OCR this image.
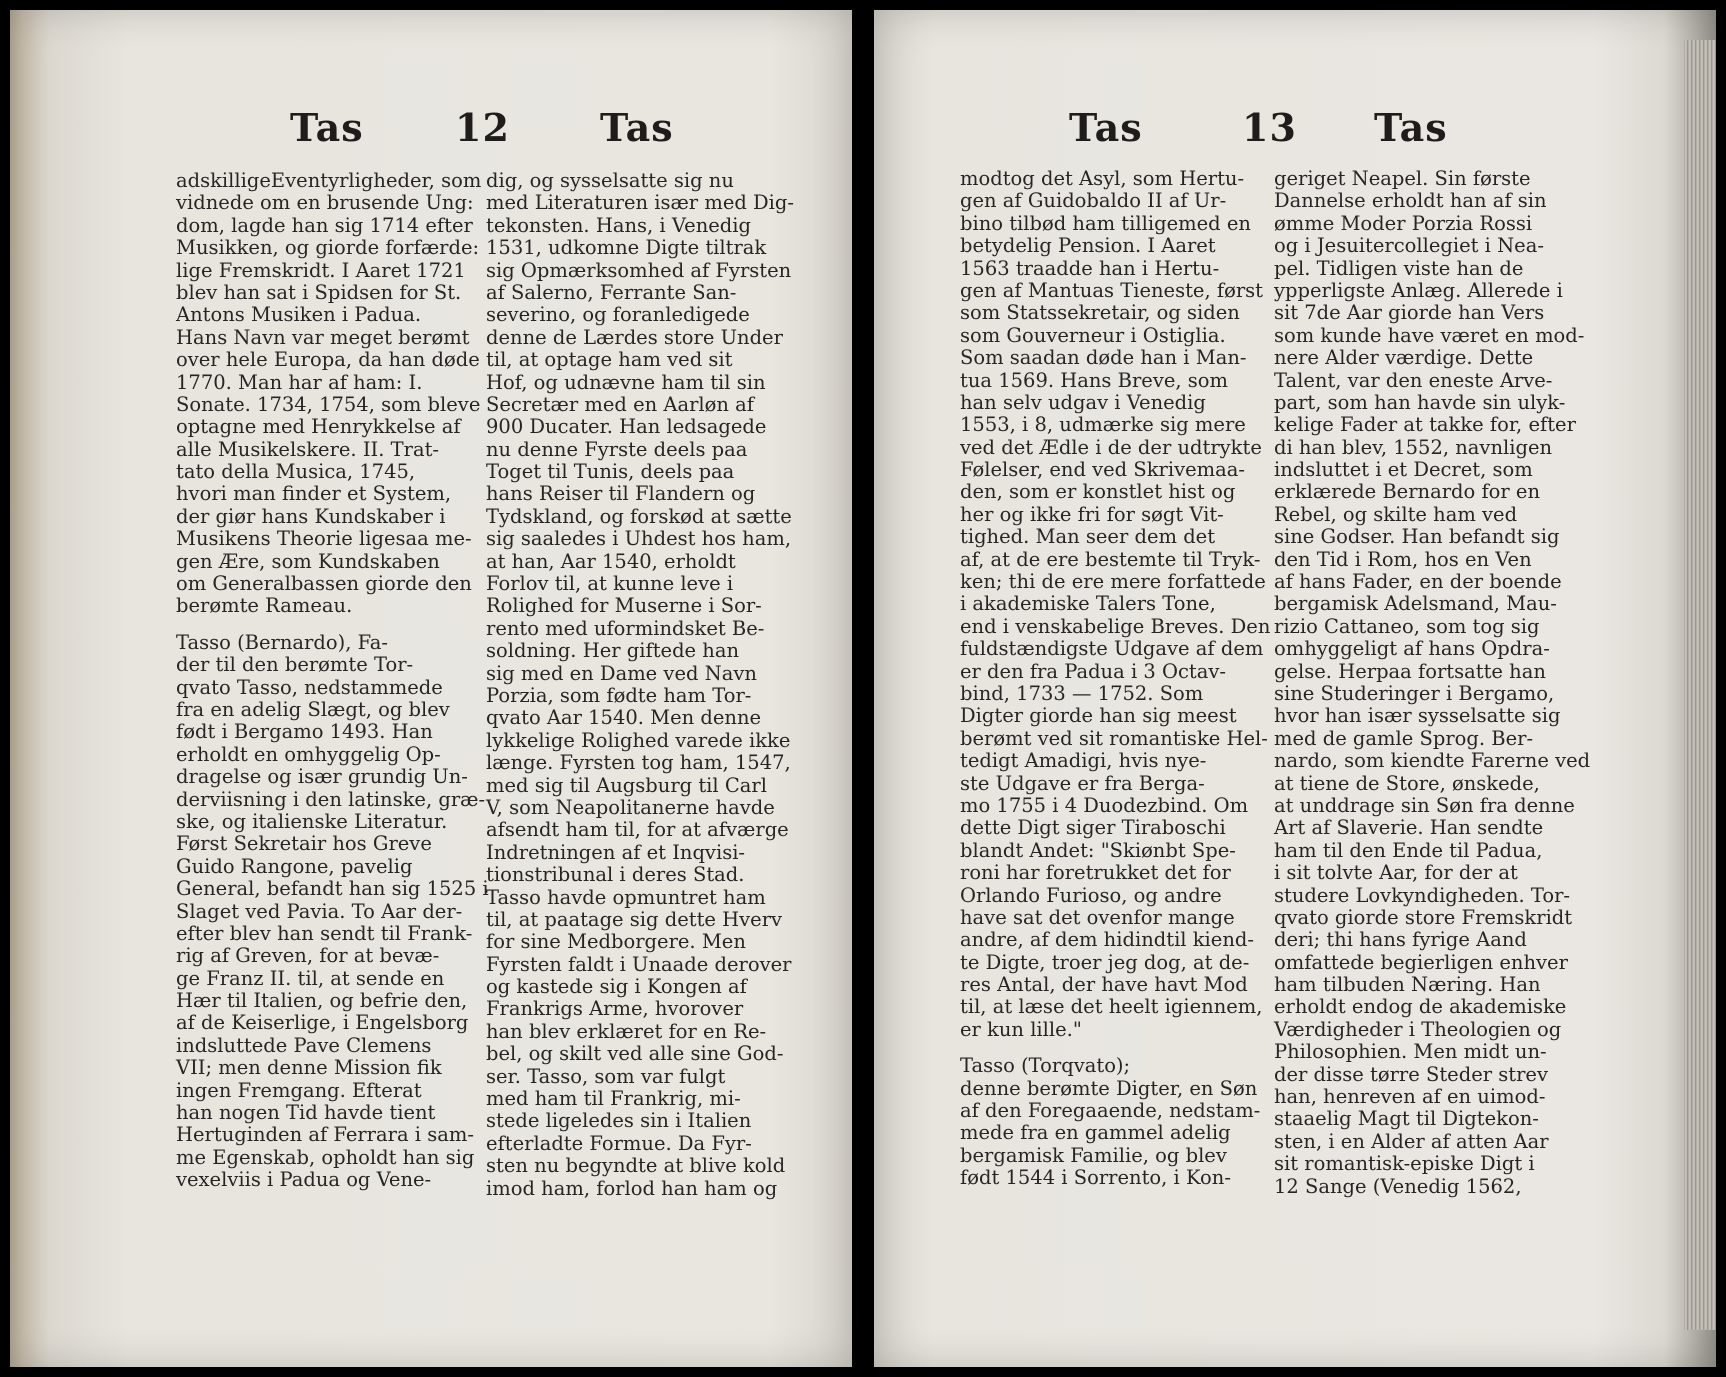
Tas 12 Tas
adskilligeEventyrligheder, som
vidnede om en brusende Ung:
dom, lagde han sig 1714 efter
Musikken, og giorde forfærde:
lige Fremskridt. I Aaret 1721
blev han sat i Spidsen for St.
Antons Musiken i Padua.
Hans Navn var meget berømt
over hele Europa, da han døde
1770. Man har af ham: I.
Sonate. 1734, 1754, som bleve
optagne med Henrykkelse af
alle Musikelskere. II. Trat-
tato della Musica, 1745,
hvori man finder et System,
der giør hans Kundskaber i
Musikens Theorie ligesaa me-
gen Ære, som Kundskaben
om Generalbassen giorde den
berømte Rameau.
Tasso (Bernardo), Fa-
der til den berømte Tor-
qvato Tasso, nedstammede
fra en adelig Slægt, og blev
født i Bergamo 1493. Han
erholdt en omhyggelig Op-
dragelse og især grundig Un-
derviisning i den latinske, græ-
ske, og italienske Literatur.
Først Sekretair hos Greve
Guido Rangone, pavelig
General, befandt han sig 1525 i
Slaget ved Pavia. To Aar der-
efter blev han sendt til Frank-
rig af Greven, for at bevæ-
ge Franz II. til, at sende en
Hær til Italien, og befrie den,
af de Keiserlige, i Engelsborg
indsluttede Pave Clemens
VII; men denne Mission fik
ingen Fremgang. Efterat
han nogen Tid havde tient
Hertuginden af Ferrara i sam-
me Egenskab, opholdt han sig
vexelviis i Padua og Vene-
dig, og sysselsatte sig nu
med Literaturen især med Dig-
tekonsten. Hans, i Venedig
1531, udkomne Digte tiltrak
sig Opmærksomhed af Fyrsten
af Salerno, Ferrante San-
severino, og foranledigede
denne de Lærdes store Under
til, at optage ham ved sit
Hof, og udnævne ham til sin
Secretær med en Aarløn af
900 Ducater. Han ledsagede
nu denne Fyrste deels paa
Toget til Tunis, deels paa
hans Reiser til Flandern og
Tydskland, og forskød at sætte
sig saaledes i Uhdest hos ham,
at han, Aar 1540, erholdt
Forlov til, at kunne leve i
Rolighed for Muserne i Sor-
rento med uformindsket Be-
soldning. Her giftede han
sig med en Dame ved Navn
Porzia, som fødte ham Tor-
qvato Aar 1540. Men denne
lykkelige Rolighed varede ikke
længe. Fyrsten tog ham, 1547,
med sig til Augsburg til Carl
V, som Neapolitanerne havde
afsendt ham til, for at afværge
Indretningen af et Inqvisi-
tionstribunal i deres Stad.
Tasso havde opmuntret ham
til, at paatage sig dette Hverv
for sine Medborgere. Men
Fyrsten faldt i Unaade derover
og kastede sig i Kongen af
Frankrigs Arme, hvorover
han blev erklæret for en Re-
bel, og skilt ved alle sine God-
ser. Tasso, som var fulgt
med ham til Frankrig, mi-
stede ligeledes sin i Italien
efterladte Formue. Da Fyr-
sten nu begyndte at blive kold
imod ham, forlod han ham og
Tas	13 Tas
modtog det Asyl, som Hertu-
gen af Guidobaldo II af Ur-
bino tilbød ham tilligemed en
betydelig Pension. I Aaret
1563 traadde han i Hertu-
gen af Mantuas Tieneste, først
som Statssekretair, og siden
som Gouverneur i Ostiglia.
Som saadan døde han i Man-
tua 1569. Hans Breve, som
han selv udgav i Venedig
1553, i 8, udmærke sig mere
ved det Ædle i de der udtrykte
Følelser, end ved Skrivemaa-
den, som er konstlet hist og
her og ikke fri for søgt Vit-
tighed. Man seer dem det
af, at de ere bestemte til Tryk-
ken; thi de ere mere forfattede
i akademiske Talers Tone,
end i venskabelige Breves. Den
fuldstændigste Udgave af dem
er den fra Padua i 3 Octav-
bind, 1733 — 1752. Som
Digter giorde han sig meest
berømt ved sit romantiske Hel-
tedigt Amadigi, hvis nye-
ste Udgave er fra Berga-
mo 1755 i 4 Duodezbind. Om
dette Digt siger Tiraboschi
blandt Andet: "Skiønbt Spe-
roni har foretrukket det for
Orlando Furioso, og andre
have sat det ovenfor mange
andre, af dem hidindtil kiend-
te Digte, troer jeg dog, at de-
res Antal, der have havt Mod
til, at læse det heelt igiennem,
er kun lille."
Tasso (Torqvato);
denne berømte Digter, en Søn
af den Foregaaende, nedstam-
mede fra en gammel adelig
bergamisk Familie, og blev
født 1544 i Sorrento, i Kon-
geriget Neapel. Sin første
Dannelse erholdt han af sin
ømme Moder Porzia Rossi
og i Jesuitercollegiet i Nea-
pel. Tidligen viste han de
ypperligste Anlæg. Allerede i
sit 7de Aar giorde han Vers
som kunde have været en mod-
nere Alder værdige. Dette
Talent, var den eneste Arve-
part, som han havde sin ulyk-
kelige Fader at takke for, efter
di han blev, 1552, navnligen
indsluttet i et Decret, som
erklærede Bernardo for en
Rebel, og skilte ham ved
sine Godser. Han befandt sig
den Tid i Rom, hos en Ven
af hans Fader, en der boende
bergamisk Adelsmand, Mau-
rizio Cattaneo, som tog sig
omhyggeligt af hans Opdra-
gelse. Herpaa fortsatte han
sine Studeringer i Bergamo,
hvor han især sysselsatte sig
med de gamle Sprog. Ber-
nardo, som kiendte Farerne ved
at tiene de Store, ønskede,
at unddrage sin Søn fra denne
Art af Slaverie. Han sendte
ham til den Ende til Padua,
i sit tolvte Aar, for der at
studere Lovkyndigheden. Tor-
qvato giorde store Fremskridt
deri; thi hans fyrige Aand
omfattede begierligen enhver
ham tilbuden Næring. Han
erholdt endog de akademiske
Værdigheder i Theologien og
Philosophien. Men midt un-
der disse tørre Steder strev
han, henreven af en uimod-
staaelig Magt til Digtekon-
sten, i en Alder af atten Aar
sit romantisk-episke Digt i
12 Sange (Venedig 1562,
